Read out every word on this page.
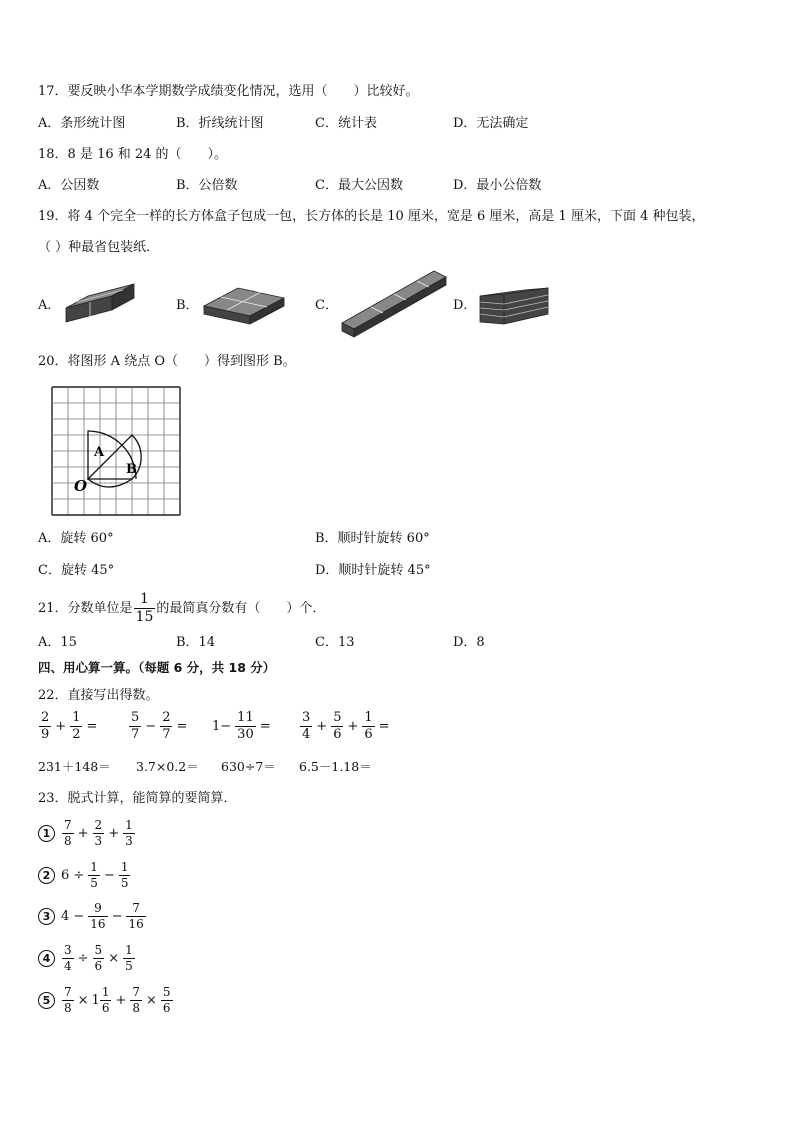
17．要反映小华本学期数学成绩变化情况，选用（　　）比较好。
A．条形统计图	B．折线统计图	C．统计表	D．无法确定
18．8 是 16 和 24 的（　　）。
A．公因数	B．公倍数	C．最大公因数	D．最小公倍数
19．将 4 个完全一样的长方体盒子包成一包，长方体的长是 10 厘米，宽是 6 厘米，高是 1 厘米，下面 4 种包装，
（ ）种最省包装纸．
A．	B．	C．	D．
20．将图形 A 绕点 O（　　）得到图形 B。
A
B
O
A．旋转 60°	B．顺时针旋转 60°
C．旋转 45°	D．顺时针旋转 45°
21．分数单位是 $\frac{1}{15}$ 的最简真分数有（　　）个．
A．15	B．14	C．13	D．8
四、用心算一算。（每题 6 分，共 18 分）
22．直接写出得数。
$\frac{2}{9} + \frac{1}{2} = \frac{5}{7} - \frac{2}{7} = 1- \frac{11}{30} = \frac{3}{4} + \frac{5}{6} + \frac{1}{6}$ =
231＋148＝ 3.7×0.2＝ 630÷7＝ 6.5－1.18＝
23．脱式计算，能简算的要简算．
$1 \frac{7}{8} + \frac{2}{3} + \frac{1}{3}$
2 $6 \div \frac{1}{5} - \frac{1}{5}$
3 $4 - \frac{9}{16} - \frac{7}{16}$
$4 \frac{3}{4} \div \frac{5}{6} \times \frac{1}{5}$
$5 \frac{7}{8} \times 1 \frac{1}{6} + \frac{7}{8} \times \frac{5}{6}$
